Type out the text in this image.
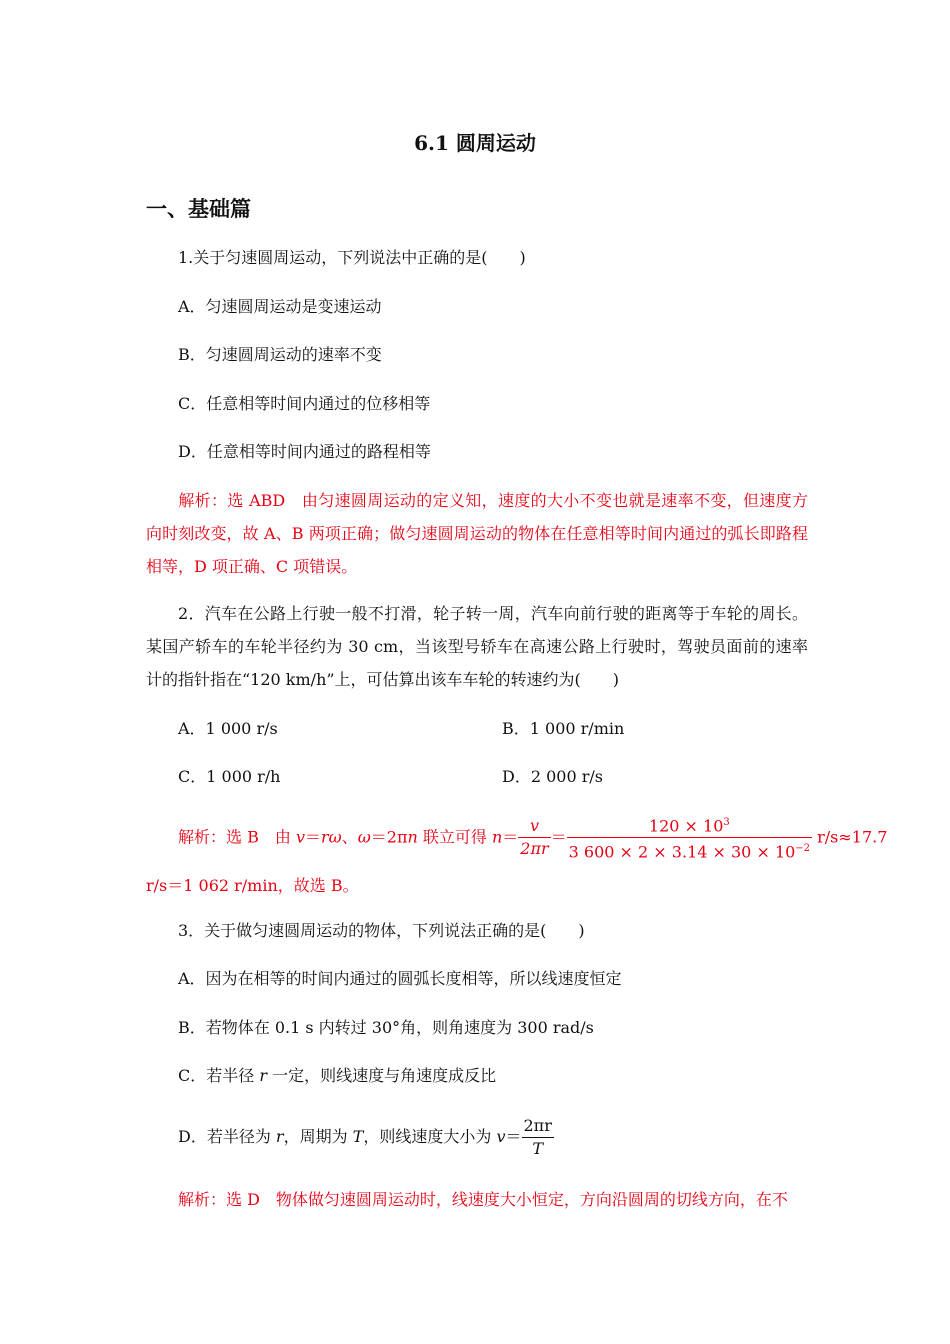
6.1 圆周运动
一、基础篇
1.关于匀速圆周运动，下列说法中正确的是(　　)
A．匀速圆周运动是变速运动
B．匀速圆周运动的速率不变
C．任意相等时间内通过的位移相等
D．任意相等时间内通过的路程相等
解析：选 ABD　由匀速圆周运动的定义知，速度的大小不变也就是速率不变，但速度方向时刻改变，故 A、B 两项正确；做匀速圆周运动的物体在任意相等时间内通过的弧长即路程相等，D 项正确、C 项错误。
2．汽车在公路上行驶一般不打滑，轮子转一周，汽车向前行驶的距离等于车轮的周长。某国产轿车的车轮半径约为 30 cm，当该型号轿车在高速公路上行驶时，驾驶员面前的速率计的指针指在“120 km/h”上，可估算出该车车轮的转速约为(　　)
A．1 000 r/s	B．1 000 r/min
C．1 000 r/h	D．2 000 r/s
解析：选 B　由 v＝rω、ω＝2πn 联立可得 $n= \frac{v}{2\pi r} = \frac{120 \times 10^3}{3 600 \times 2 \times 3.14 \times 30 \times 10^{-2}} r/s\approx 17.7$
r/s＝1 062 r/min，故选 B。
3．关于做匀速圆周运动的物体，下列说法正确的是(　　)
A．因为在相等的时间内通过的圆弧长度相等，所以线速度恒定
B．若物体在 0.1 s 内转过 30°角，则角速度为 300 rad/s
C．若半径 r 一定，则线速度与角速度成反比
D．若半径为 r，周期为 T，则线速度大小为 $v= \frac{2\pi r}{T}$
解析：选 D　物体做匀速圆周运动时，线速度大小恒定，方向沿圆周的切线方向，在不
